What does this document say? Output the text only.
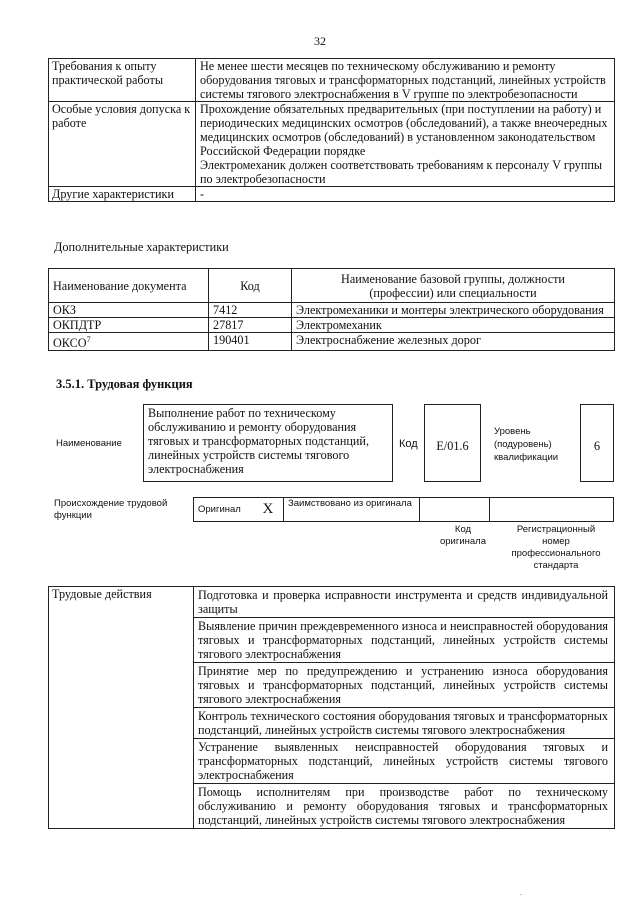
32
Требования к опыту практической работы	Не менее шести месяцев по техническому обслуживанию и ремонту оборудования тяговых и трансформаторных подстанций, линейных устройств системы тягового электроснабжения в V группе по электробезопасности
Особые условия допуска к работе	Прохождение обязательных предварительных (при поступлении на работу) и периодических медицинских осмотров (обследований), а также внеочередных медицинских осмотров (обследований) в установленном законодательством Российской Федерации порядке
Электромеханик должен соответствовать требованиям к персоналу V группы по электробезопасности

Другие характеристики	-
Дополнительные характеристики
Наименование документа	Код	Наименование базовой группы, должности (профессии) или специальности
ОКЗ	7412	Электромеханики и монтеры электрического оборудования
ОКПДТР	27817	Электромеханик
ОКСО$^7$	190401	Электроснабжение железных дорог
3.5.1. Трудовая функция
Наименование
Выполнение работ по техническому обслуживанию и ремонту оборудования тяговых и трансформаторных подстанций, линейных устройств системы тягового электроснабжения
Код	E/01.6
Уровень (подуровень) квалификации
6
Происхождение трудовой функции
Оригинал	X	Заимствовано из оригинала		
Код оригинала
Регистрационный номер профессионального стандарта
Трудовые действия	Подготовка и проверка исправности инструмента и средств индивидуальной защиты
Выявление причин преждевременного износа и неисправностей оборудования тяговых и трансформаторных подстанций, линейных устройств системы тягового электроснабжения
Принятие мер по предупреждению и устранению износа оборудования тяговых и трансформаторных подстанций, линейных устройств системы тягового электроснабжения
Контроль технического состояния оборудования тяговых и трансформаторных подстанций, линейных устройств системы тягового электроснабжения
Устранение выявленных неисправностей оборудования тяговых и трансформаторных подстанций, линейных устройств системы тягового электроснабжения
Помощь исполнителям при производстве работ по техническому обслуживанию и ремонту оборудования тяговых и трансформаторных подстанций, линейных устройств системы тягового электроснабжения
.
